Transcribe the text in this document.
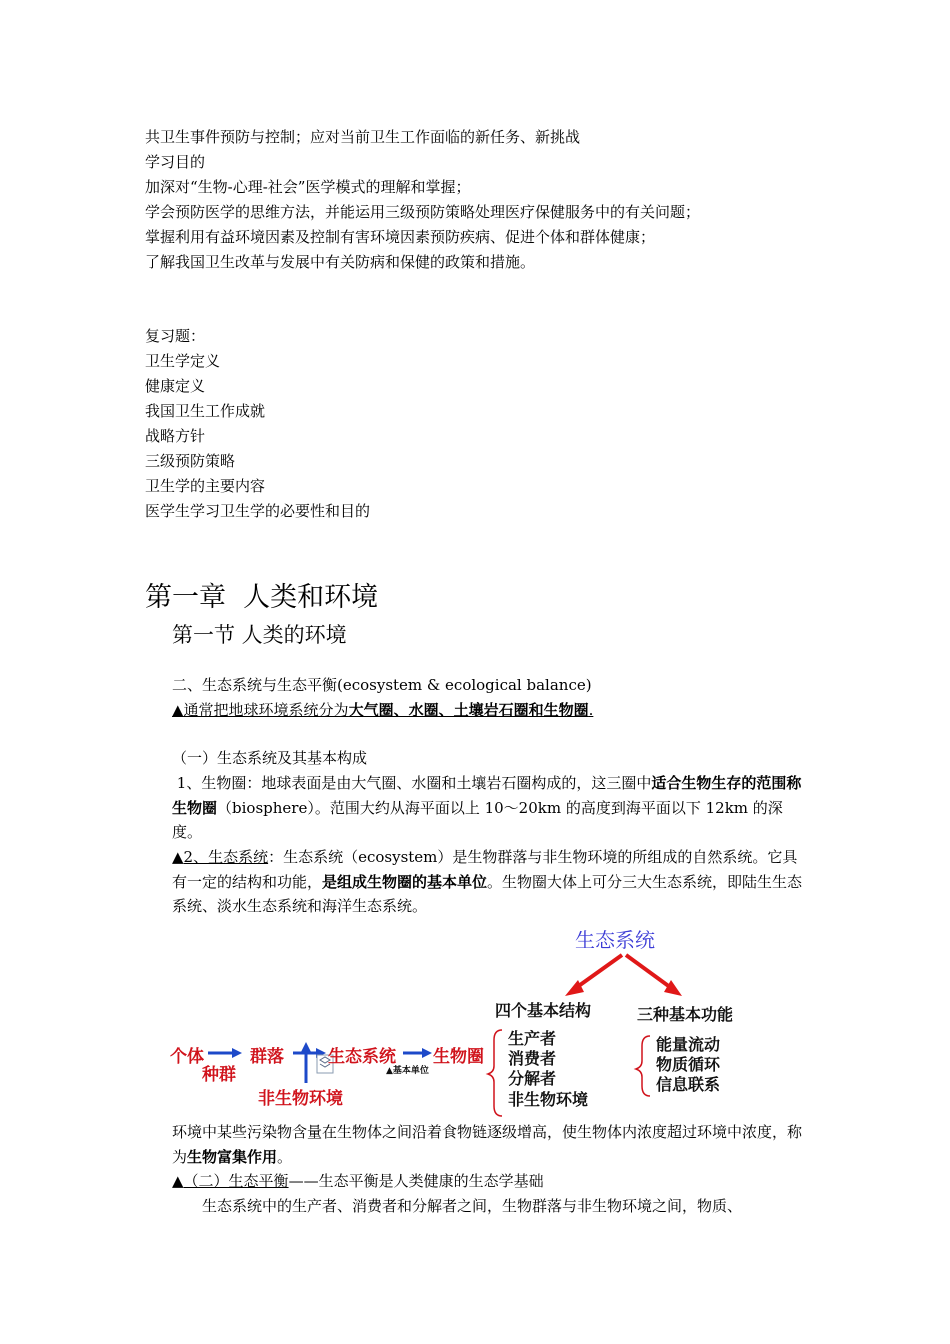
共卫生事件预防与控制；应对当前卫生工作面临的新任务、新挑战
学习目的
加深对“生物-心理-社会”医学模式的理解和掌握；
学会预防医学的思维方法，并能运用三级预防策略处理医疗保健服务中的有关问题；
掌握利用有益环境因素及控制有害环境因素预防疾病、促进个体和群体健康；
了解我国卫生改革与发展中有关防病和保健的政策和措施。
复习题：
卫生学定义
健康定义
我国卫生工作成就
战略方针
三级预防策略
卫生学的主要内容
医学生学习卫生学的必要性和目的
第一章  人类和环境
第一节 人类的环境
二、生态系统与生态平衡(ecosystem & ecological balance)
▲通常把地球环境系统分为大气圈、水圈、土壤岩石圈和生物圈.
（一）生态系统及其基本构成
1、生物圈：地球表面是由大气圈、水圈和土壤岩石圈构成的，这三圈中适合生物生存的范围称生物圈（biosphere）。范围大约从海平面以上 10～20km 的高度到海平面以下 12km 的深度。
▲2、生态系统：生态系统（ecosystem）是生物群落与非生物环境的所组成的自然系统。它具有一定的结构和功能，是组成生物圈的基本单位。生物圈大体上可分三大生态系统，即陆生生态系统、淡水生态系统和海洋生态系统。
生态系统
四个基本结构	三种基本功能
生产者
消费者
分解者
非生物环境
能量流动
物质循环
信息联系
个体
种群
群落	生态系统 生物圈
非生物环境
▲基本单位
环境中某些污染物含量在生物体之间沿着食物链逐级增高，使生物体内浓度超过环境中浓度，称为生物富集作用。
▲（二）生态平衡——生态平衡是人类健康的生态学基础
　　生态系统中的生产者、消费者和分解者之间，生物群落与非生物环境之间，物质、
